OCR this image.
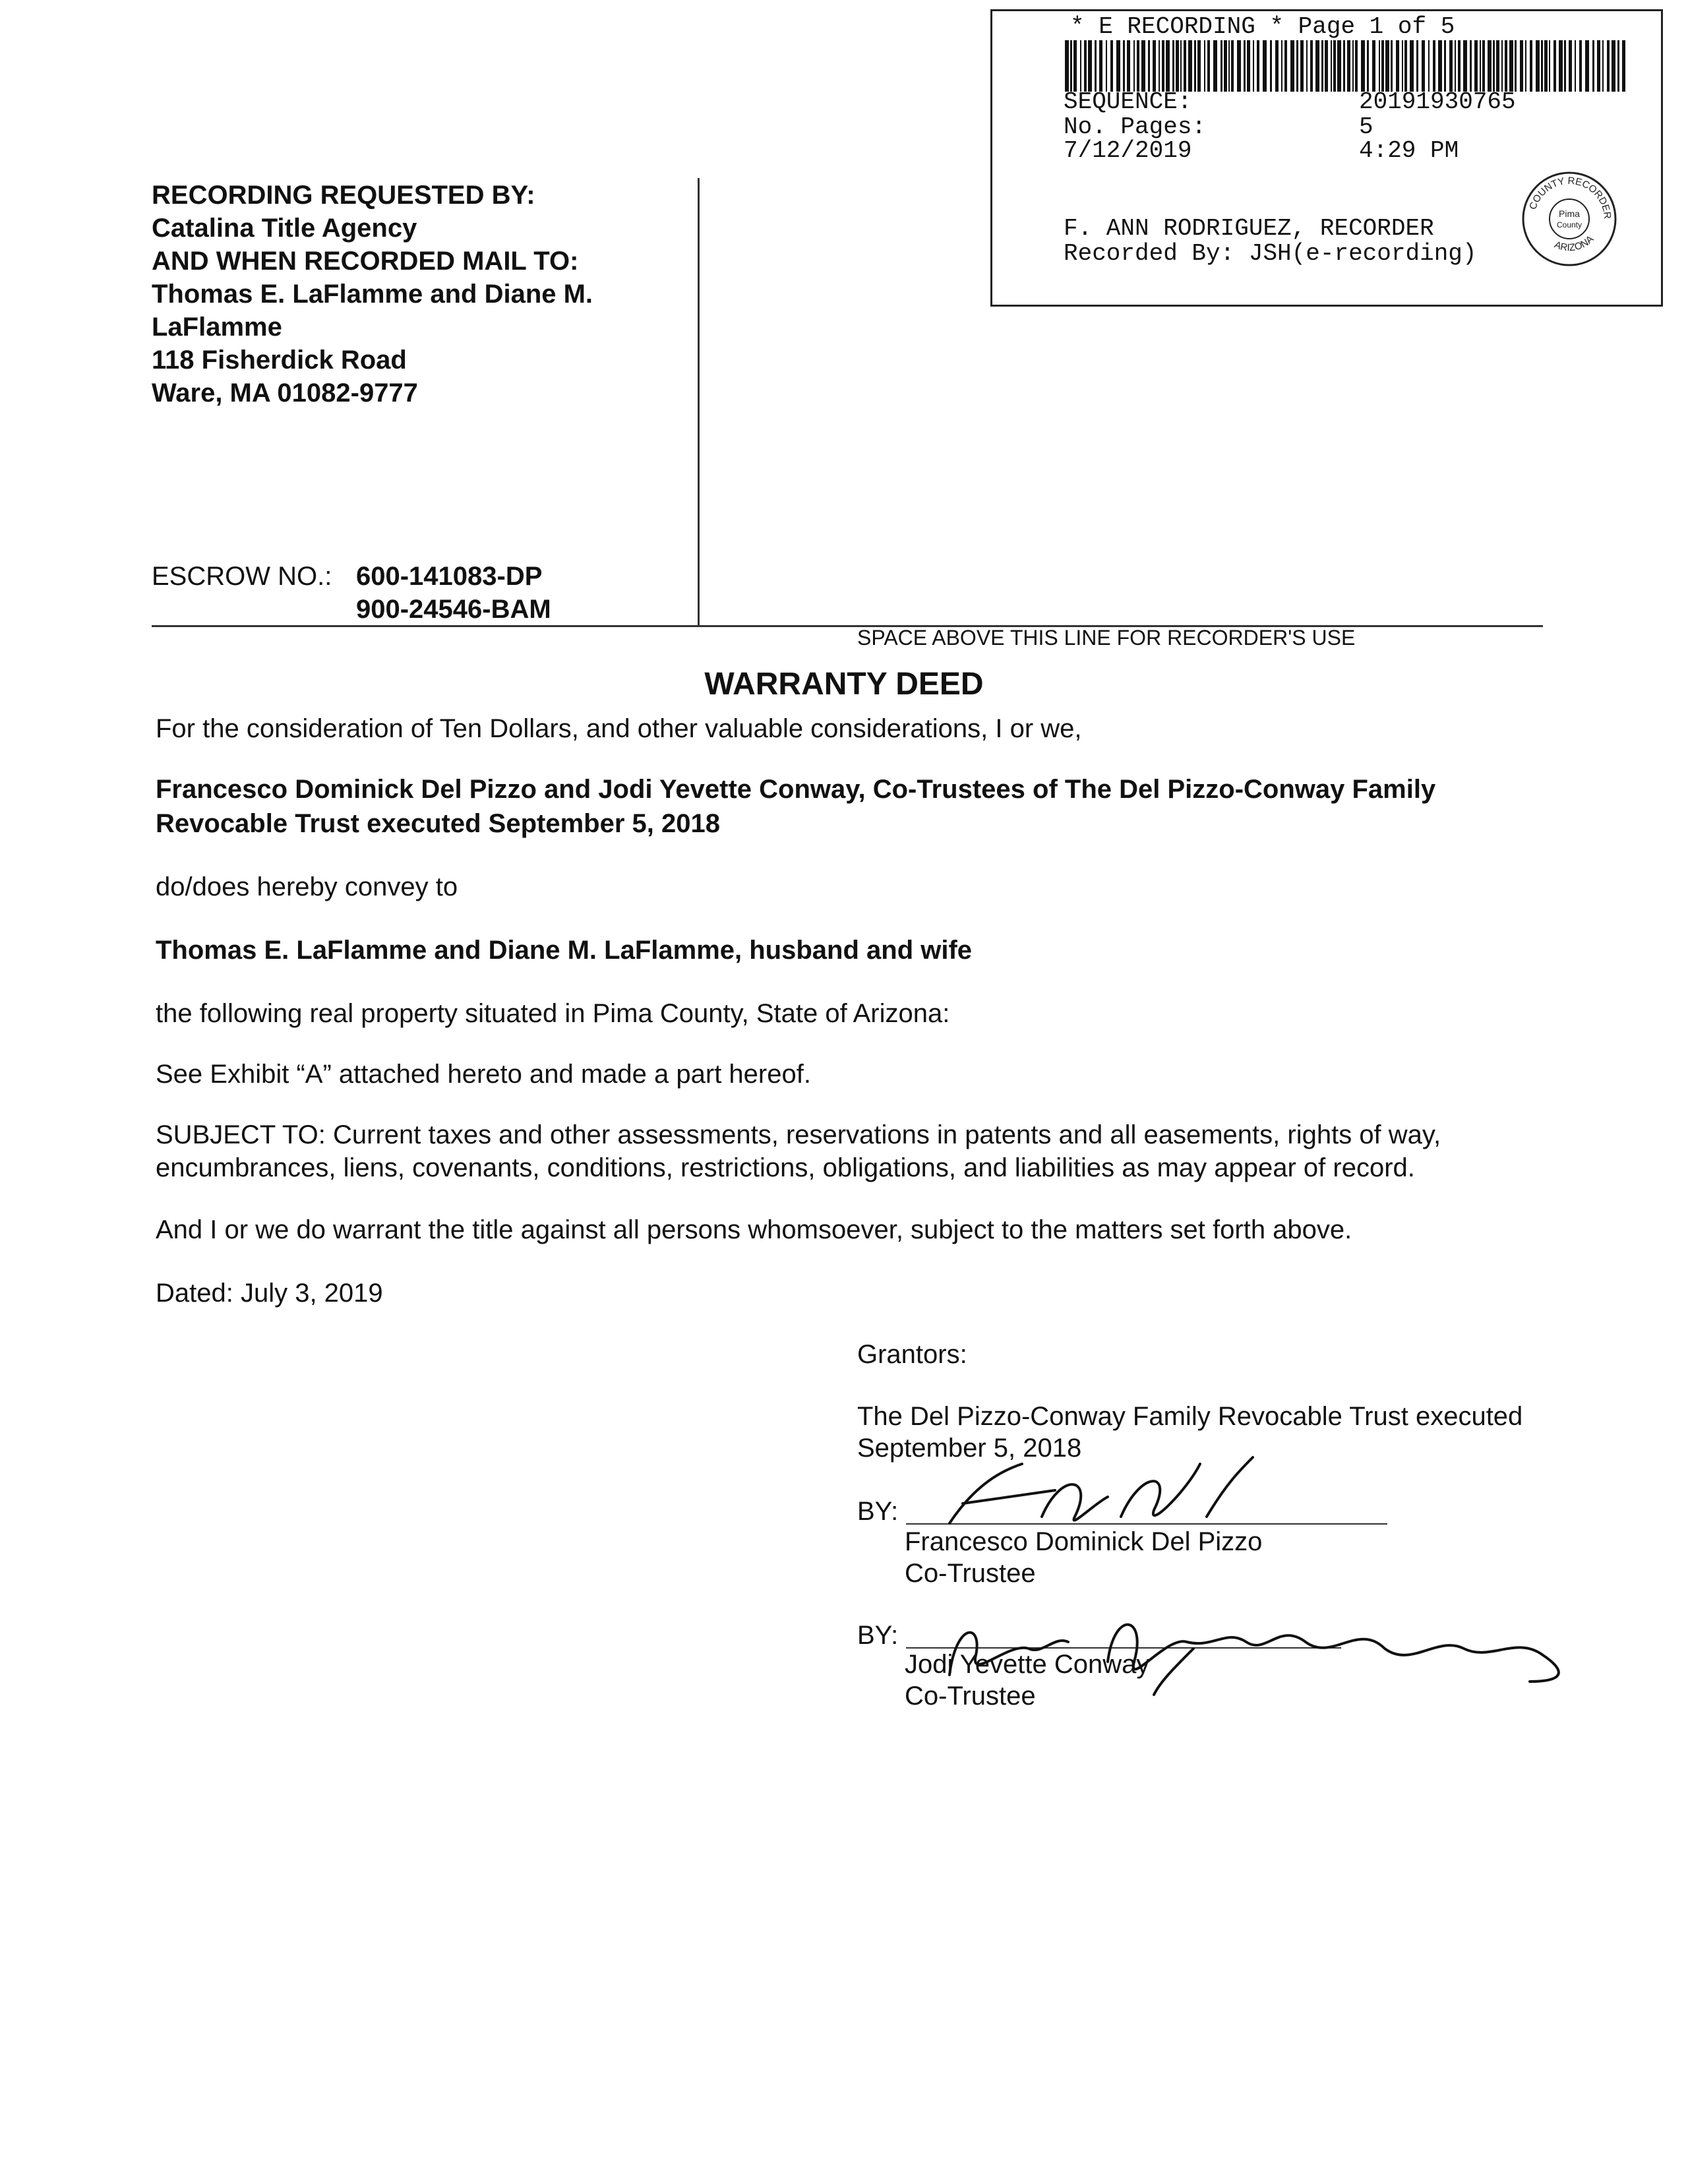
* E RECORDING * Page 1 of 5
SEQUENCE:	20191930765
No. Pages:	5
7/12/2019	4:29 PM
F. ANN RODRIGUEZ, RECORDER
Recorded By: JSH(e-recording)
Pima
County
COUNTY RECORDER
ARIZONA
RECORDING REQUESTED BY:
Catalina Title Agency
AND WHEN RECORDED MAIL TO:
Thomas E. LaFlamme and Diane M.
LaFlamme
118 Fisherdick Road
Ware, MA 01082-9777
ESCROW NO.: 600-141083-DP
900-24546-BAM
SPACE ABOVE THIS LINE FOR RECORDER'S USE
WARRANTY DEED
For the consideration of Ten Dollars, and other valuable considerations, I or we,
Francesco Dominick Del Pizzo and Jodi Yevette Conway, Co-Trustees of The Del Pizzo-Conway Family
Revocable Trust executed September 5, 2018
do/does hereby convey to
Thomas E. LaFlamme and Diane M. LaFlamme, husband and wife
the following real property situated in Pima County, State of Arizona:
See Exhibit “A” attached hereto and made a part hereof.
SUBJECT TO: Current taxes and other assessments, reservations in patents and all easements, rights of way,
encumbrances, liens, covenants, conditions, restrictions, obligations, and liabilities as may appear of record.
And I or we do warrant the title against all persons whomsoever, subject to the matters set forth above.
Dated: July 3, 2019
Grantors:
The Del Pizzo-Conway Family Revocable Trust executed
September 5, 2018
BY:
Francesco Dominick Del Pizzo
Co-Trustee
BY:
Jodi Yevette Conway
Co-Trustee
